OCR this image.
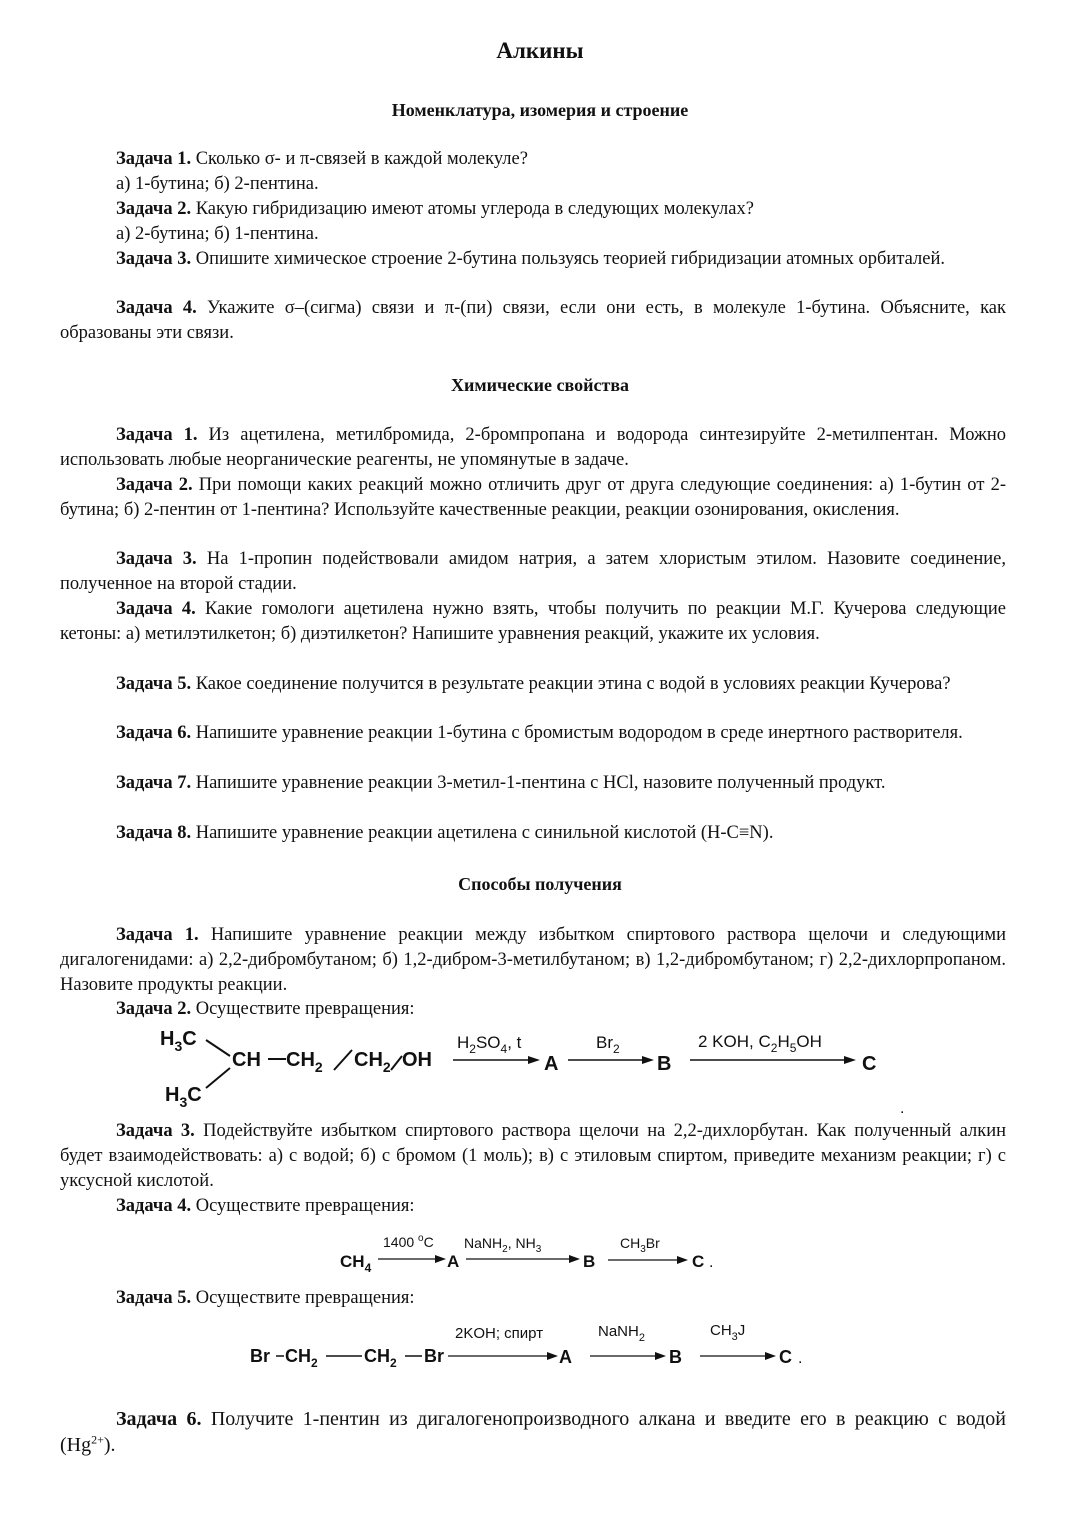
Алкины
Номенклатура, изомерия и строение

Задача 1. Сколько σ- и π-связей в каждой молекуле?

а) 1-бутина; б) 2-пентина.

Задача 2. Какую гибридизацию имеют атомы углерода в следующих молекулах?

а) 2-бутина; б) 1-пентина.

Задача 3. Опишите химическое строение 2-бутина пользуясь теорией гибридизации атомных орбиталей.

Задача 4. Укажите σ–(сигма) связи и π-(пи) связи, если они есть, в молекуле 1-бутина. Объясните, как образованы эти связи.

Химические свойства

Задача 1. Из ацетилена, метилбромида, 2-бромпропана и водорода синтезируйте 2-метилпентан. Можно использовать любые неорганические реагенты, не упомянутые в задаче.

Задача 2. При помощи каких реакций можно отличить друг от друга следующие соединения: а) 1-бутин от 2-бутина; б) 2-пентин от 1-пентина? Используйте качественные реакции, реакции озонирования, окисления.

Задача 3. На 1-пропин подействовали амидом натрия, а затем хлористым этилом. Назовите соединение, полученное на второй стадии.

Задача 4. Какие гомологи ацетилена нужно взять, чтобы получить по реакции М.Г. Кучерова следующие кетоны: а) метилэтилкетон; б) диэтилкетон? Напишите уравнения реакций, укажите их условия.

Задача 5. Какое соединение получится в результате реакции этина с водой в условиях реакции Кучерова?

Задача 6. Напишите уравнение реакции 1-бутина с бромистым водородом в среде инертного растворителя.

Задача 7. Напишите уравнение реакции 3-метил-1-пентина с HCl, назовите полученный продукт.

Задача 8. Напишите уравнение реакции ацетилена с синильной кислотой (H-C≡N).

Способы получения

Задача 1. Напишите уравнение реакции между избытком спиртового раствора щелочи и следующими дигалогенидами: а) 2,2-дибромбутаном; б) 1,2-дибром-3-метилбутаном; в) 1,2-дибромбутаном; г) 2,2-дихлорпропаном. Назовите продукты реакции.

Задача 2. Осуществите превращения:

$H_3C$
$H_3C$
CH $CH_2$ $CH_2$ OH
$H_2SO_4$, t
A
$Br_2$
B
2 KOH, $C_2H_5OH$
C
.

Задача 3. Подействуйте избытком спиртового раствора щелочи на 2,2-дихлорбутан. Как полученный алкин будет взаимодействовать: а) с водой; б) с бромом (1 моль); в) с этиловым спиртом, приведите механизм реакции; г) с уксусной кислотой.

Задача 4. Осуществите превращения:

$CH_4$
1400 $^o$C
A
NaNH$_2$, $NH_3$
B
$CH_3Br$
C .

Задача 5. Осуществите превращения:

Br $CH_2$	$CH_2$ Br
2KOH; спирт
A
NaNH$_2$
B
$CH_3J$
C .

Задача 6. Получите 1-пентин из дигалогенопроизводного алкана и введите его в реакцию с водой $(Hg^{2+})$.
